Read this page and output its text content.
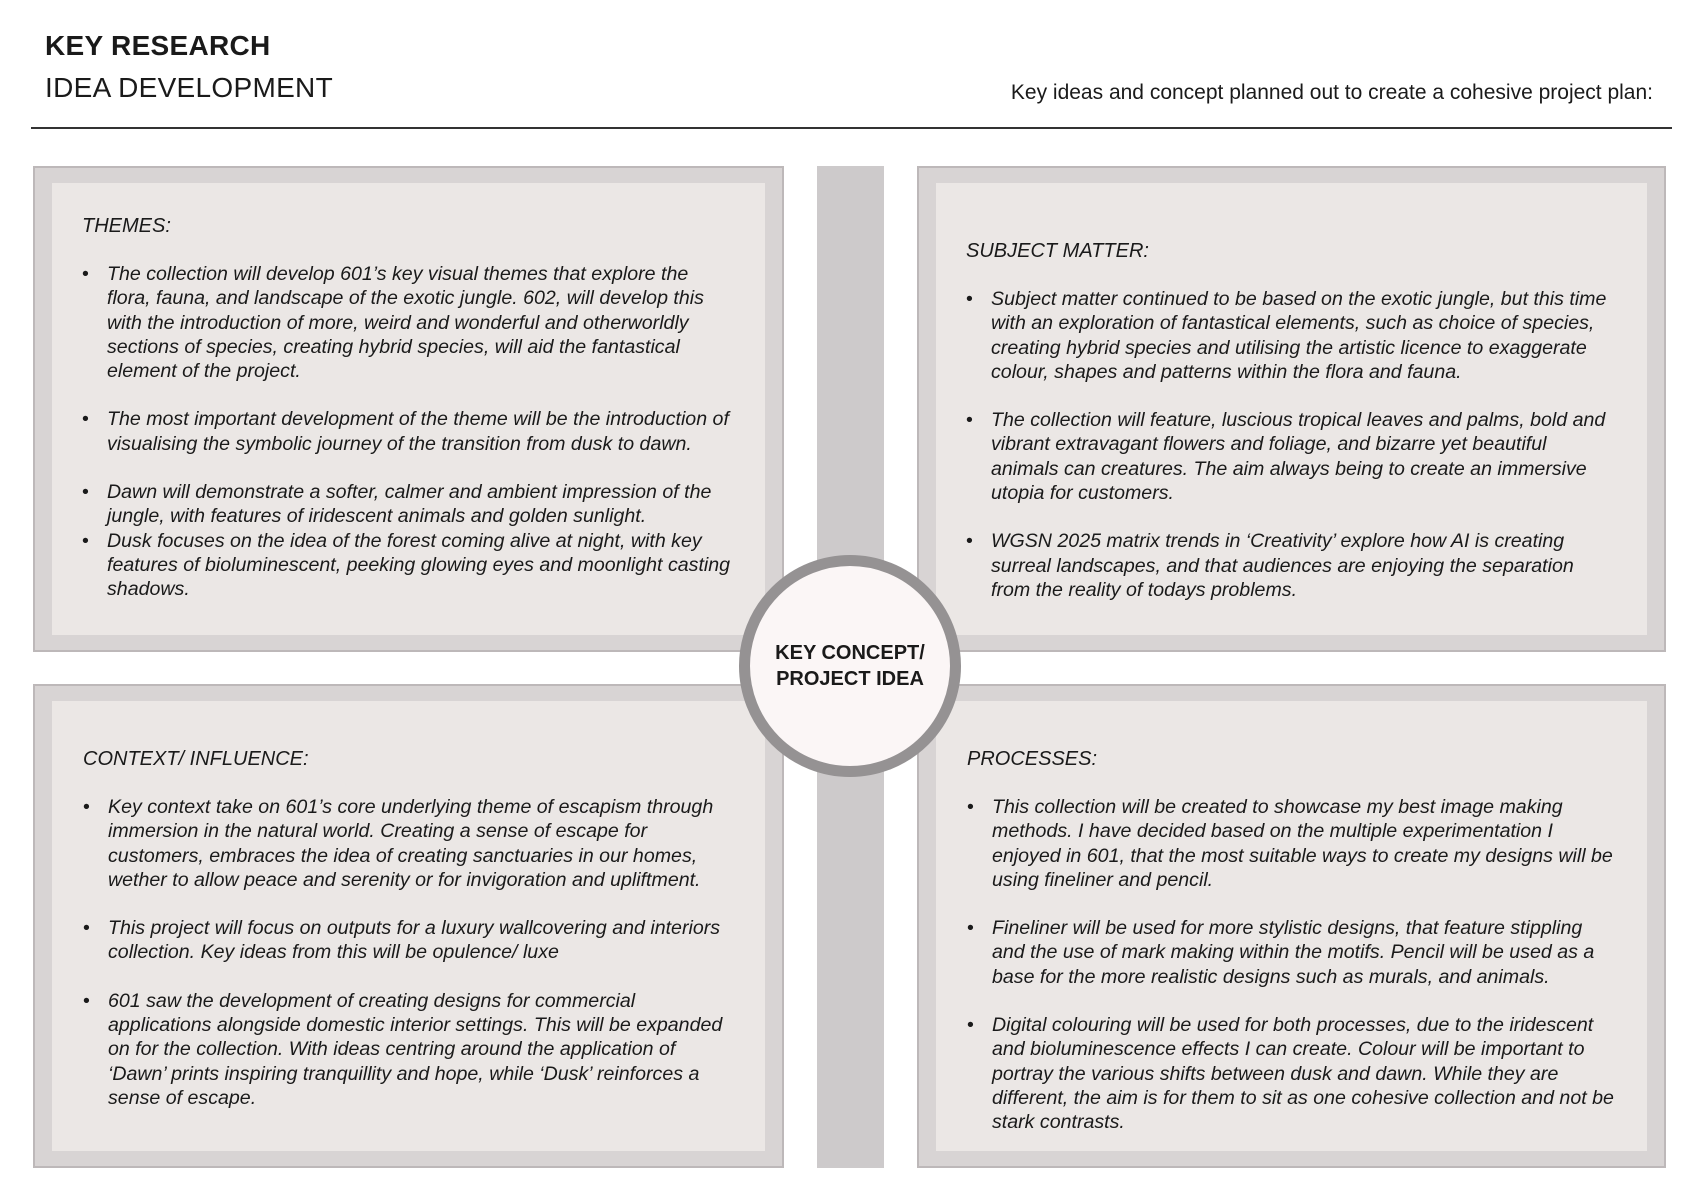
KEY RESEARCH

IDEA DEVELOPMENT	Key ideas and concept planned out to create a cohesive project plan:

THEMES:
• The collection will develop 601’s key visual themes that explore the flora, fauna, and landscape of the exotic jungle. 602, will develop this with the introduction of more, weird and wonderful and otherworldly sections of species, creating hybrid species, will aid the fantastical element of the project.
• The most important development of the theme will be the introduction of visualising the symbolic journey of the transition from dusk to dawn.
• Dawn will demonstrate a softer, calmer and ambient impression of the jungle, with features of iridescent animals and golden sunlight.
• Dusk focuses on the idea of the forest coming alive at night, with key features of bioluminescent, peeking glowing eyes and moonlight casting shadows.
SUBJECT MATTER:
• Subject matter continued to be based on the exotic jungle, but this time with an exploration of fantastical elements, such as choice of species, creating hybrid species and utilising the artistic licence to exaggerate colour, shapes and patterns within the flora and fauna.
• The collection will feature, luscious tropical leaves and palms, bold and vibrant extravagant flowers and foliage, and bizarre yet beautiful animals can creatures. The aim always being to create an immersive utopia for customers.
• WGSN 2025 matrix trends in ‘Creativity’ explore how AI is creating surreal landscapes, and that audiences are enjoying the separation from the reality of todays problems.
CONTEXT/ INFLUENCE:
• Key context take on 601’s core underlying theme of escapism through immersion in the natural world. Creating a sense of escape for customers, embraces the idea of creating sanctuaries in our homes, wether to allow peace and serenity or for invigoration and upliftment.
• This project will focus on outputs for a luxury wallcovering and interiors collection. Key ideas from this will be opulence/ luxe
• 601 saw the development of creating designs for commercial applications alongside domestic interior settings. This will be expanded on for the collection. With ideas centring around the application of ‘Dawn’ prints inspiring tranquillity and hope, while ‘Dusk’ reinforces a sense of escape.
PROCESSES:
• This collection will be created to showcase my best image making methods. I have decided based on the multiple experimentation I enjoyed in 601, that the most suitable ways to create my designs will be using fineliner and pencil.
• Fineliner will be used for more stylistic designs, that feature stippling and the use of mark making within the motifs. Pencil will be used as a base for the more realistic designs such as murals, and animals.
• Digital colouring will be used for both processes, due to the iridescent and bioluminescence effects I can create. Colour will be important to portray the various shifts between dusk and dawn. While they are different, the aim is for them to sit as one cohesive collection and not be stark contrasts.
KEY CONCEPT/
PROJECT IDEA
